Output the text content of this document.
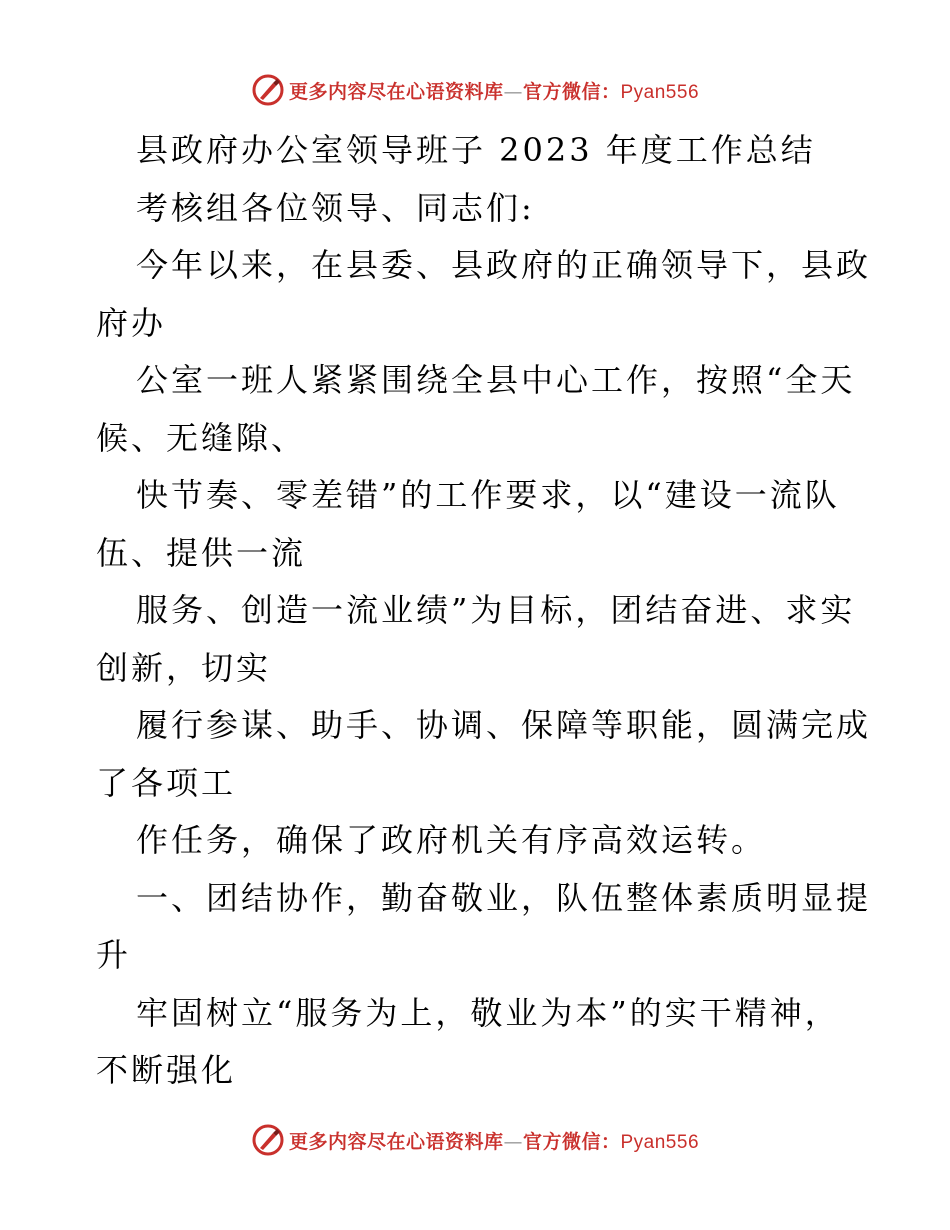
更多内容尽在心语资料库—官方微信：Pyan556
县政府办公室领导班子 2023 年度工作总结
考核组各位领导、同志们:
今年以来，在县委、县政府的正确领导下，县政
府办
公室一班人紧紧围绕全县中心工作，按照“全天
候、无缝隙、
快节奏、零差错”的工作要求，以“建设一流队
伍、提供一流
服务、创造一流业绩”为目标，团结奋进、求实
创新，切实
履行参谋、助手、协调、保障等职能，圆满完成
了各项工
作任务，确保了政府机关有序高效运转。
一、团结协作，勤奋敬业，队伍整体素质明显提
升
牢固树立“服务为上，敬业为本”的实干精神，
不断强化
更多内容尽在心语资料库—官方微信：Pyan556
